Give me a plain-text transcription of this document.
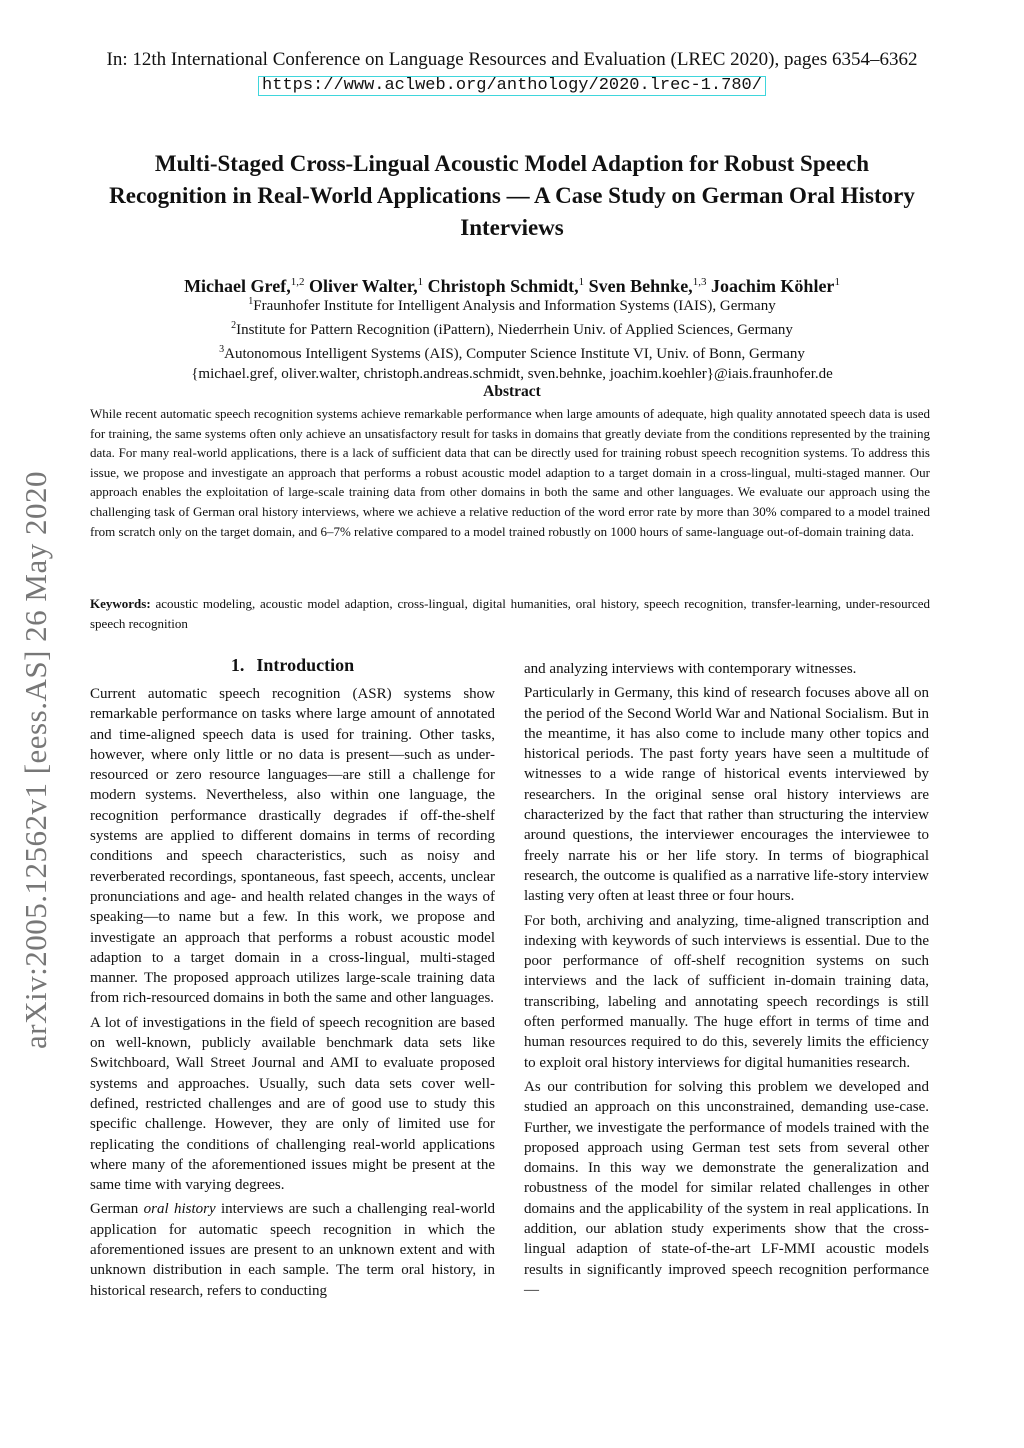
In: 12th International Conference on Language Resources and Evaluation (LREC 2020), pages 6354–6362
https://www.aclweb.org/anthology/2020.lrec-1.780/
arXiv:2005.12562v1 [eess.AS] 26 May 2020
Multi-Staged Cross-Lingual Acoustic Model Adaption for Robust Speech Recognition in Real-World Applications — A Case Study on German Oral History Interviews
Michael Gref,$^{1,2}$ Oliver Walter,$^1$ Christoph Schmidt,$^1$ Sven Behnke,$^{1,3}$ Joachim Köhler$^1$
$^1$Fraunhofer Institute for Intelligent Analysis and Information Systems (IAIS), Germany
$^2$Institute for Pattern Recognition (iPattern), Niederrhein Univ. of Applied Sciences, Germany
$^3$Autonomous Intelligent Systems (AIS), Computer Science Institute VI, Univ. of Bonn, Germany
{michael.gref, oliver.walter, christoph.andreas.schmidt, sven.behnke, joachim.koehler}@iais.fraunhofer.de
Abstract

While recent automatic speech recognition systems achieve remarkable performance when large amounts of adequate, high quality annotated speech data is used for training, the same systems often only achieve an unsatisfactory result for tasks in domains that greatly deviate from the conditions represented by the training data. For many real-world applications, there is a lack of sufficient data that can be directly used for training robust speech recognition systems. To address this issue, we propose and investigate an approach that performs a robust acoustic model adaption to a target domain in a cross-lingual, multi-staged manner. Our approach enables the exploitation of large-scale training data from other domains in both the same and other languages. We evaluate our approach using the challenging task of German oral history interviews, where we achieve a relative reduction of the word error rate by more than 30% compared to a model trained from scratch only on the target domain, and 6–7% relative compared to a model trained robustly on 1000 hours of same-language out-of-domain training data.

Keywords: acoustic modeling, acoustic model adaption, cross-lingual, digital humanities, oral history, speech recognition, transfer-learning, under-resourced speech recognition

1. Introduction

Current automatic speech recognition (ASR) systems show remarkable performance on tasks where large amount of annotated and time-aligned speech data is used for training. Other tasks, however, where only little or no data is present—such as under-resourced or zero resource languages—are still a challenge for modern systems. Nevertheless, also within one language, the recognition performance drastically degrades if off-the-shelf systems are applied to different domains in terms of recording conditions and speech characteristics, such as noisy and reverberated recordings, spontaneous, fast speech, accents, unclear pronunciations and age- and health related changes in the ways of speaking—to name but a few. In this work, we propose and investigate an approach that performs a robust acoustic model adaption to a target domain in a cross-lingual, multi-staged manner. The proposed approach utilizes large-scale training data from rich-resourced domains in both the same and other languages.

A lot of investigations in the field of speech recognition are based on well-known, publicly available benchmark data sets like Switchboard, Wall Street Journal and AMI to evaluate proposed systems and approaches. Usually, such data sets cover well-defined, restricted challenges and are of good use to study this specific challenge. However, they are only of limited use for replicating the conditions of challenging real-world applications where many of the aforementioned issues might be present at the same time with varying degrees.

German oral history interviews are such a challenging real-world application for automatic speech recognition in which the aforementioned issues are present to an unknown extent and with unknown distribution in each sample. The term oral history, in historical research, refers to conducting

and analyzing interviews with contemporary witnesses.

Particularly in Germany, this kind of research focuses above all on the period of the Second World War and National Socialism. But in the meantime, it has also come to include many other topics and historical periods. The past forty years have seen a multitude of witnesses to a wide range of historical events interviewed by researchers. In the original sense oral history interviews are characterized by the fact that rather than structuring the interview around questions, the interviewer encourages the interviewee to freely narrate his or her life story. In terms of biographical research, the outcome is qualified as a narrative life-story interview lasting very often at least three or four hours.

For both, archiving and analyzing, time-aligned transcription and indexing with keywords of such interviews is essential. Due to the poor performance of off-shelf recognition systems on such interviews and the lack of sufficient in-domain training data, transcribing, labeling and annotating speech recordings is still often performed manually. The huge effort in terms of time and human resources required to do this, severely limits the efficiency to exploit oral history interviews for digital humanities research.

As our contribution for solving this problem we developed and studied an approach on this unconstrained, demanding use-case. Further, we investigate the performance of models trained with the proposed approach using German test sets from several other domains. In this way we demonstrate the generalization and robustness of the model for similar related challenges in other domains and the applicability of the system in real applications. In addition, our ablation study experiments show that the cross-lingual adaption of state-of-the-art LF-MMI acoustic models results in significantly improved speech recognition performance—
